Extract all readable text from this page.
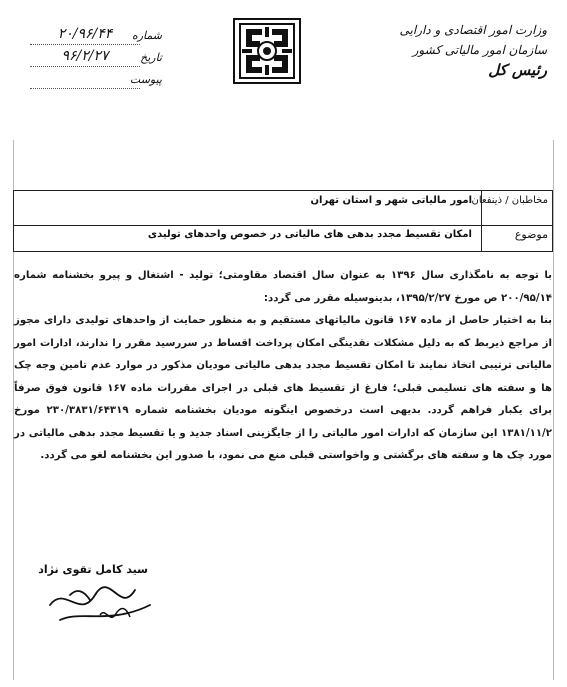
وزارت امور اقتصادی و دارایی
سازمان امور مالیاتی کشور
رئیس کل
شماره
۲۰/۹۶/۴۴
تاریخ
۹۶/۲/۲۷
پیوست
مخاطبان / ذینفعان
امور مالیاتی شهر و استان تهران
موضوع
امکان تقسیط مجدد بدهی های مالیاتی در خصوص واحدهای تولیدی

با توجه به نامگذاری سال ۱۳۹۶ به عنوان سال اقتصاد مقاومتی؛ تولید - اشتغال و پیرو بخشنامه شماره ۲۰۰/۹۵/۱۴ ص مورخ ۱۳۹۵/۲/۲۷، بدینوسیله مقرر می گردد:

بنا به اختیار حاصل از ماده ۱۶۷ قانون مالیاتهای مستقیم و به منظور حمایت از واحدهای تولیدی دارای مجوز از مراجع ذیربط که به دلیل مشکلات نقدینگی امکان پرداخت اقساط در سررسید مقرر را ندارند، ادارات امور مالیاتی ترتیبی اتخاذ نمایند تا امکان تقسیط مجدد بدهی مالیاتی مودیان مذکور در موارد عدم تامین وجه چک ها و سفته های تسلیمی قبلی؛ فارغ از تقسیط های قبلی در اجرای مقررات ماده ۱۶۷ قانون فوق صرفاً برای یکبار فراهم گردد. بدیهی است درخصوص اینگونه مودیان بخشنامه شماره ۲۳۰/۳۸۳۱/۶۴۳۱۹ مورخ ۱۳۸۱/۱۱/۲ این سازمان که ادارات امور مالیاتی را از جایگزینی اسناد جدید و یا تقسیط مجدد بدهی مالیاتی در مورد چک ها و سفته های برگشتی و واخواستی قبلی منع می نمود، با صدور این بخشنامه لغو می گردد.

سید کامل تقوی نژاد
